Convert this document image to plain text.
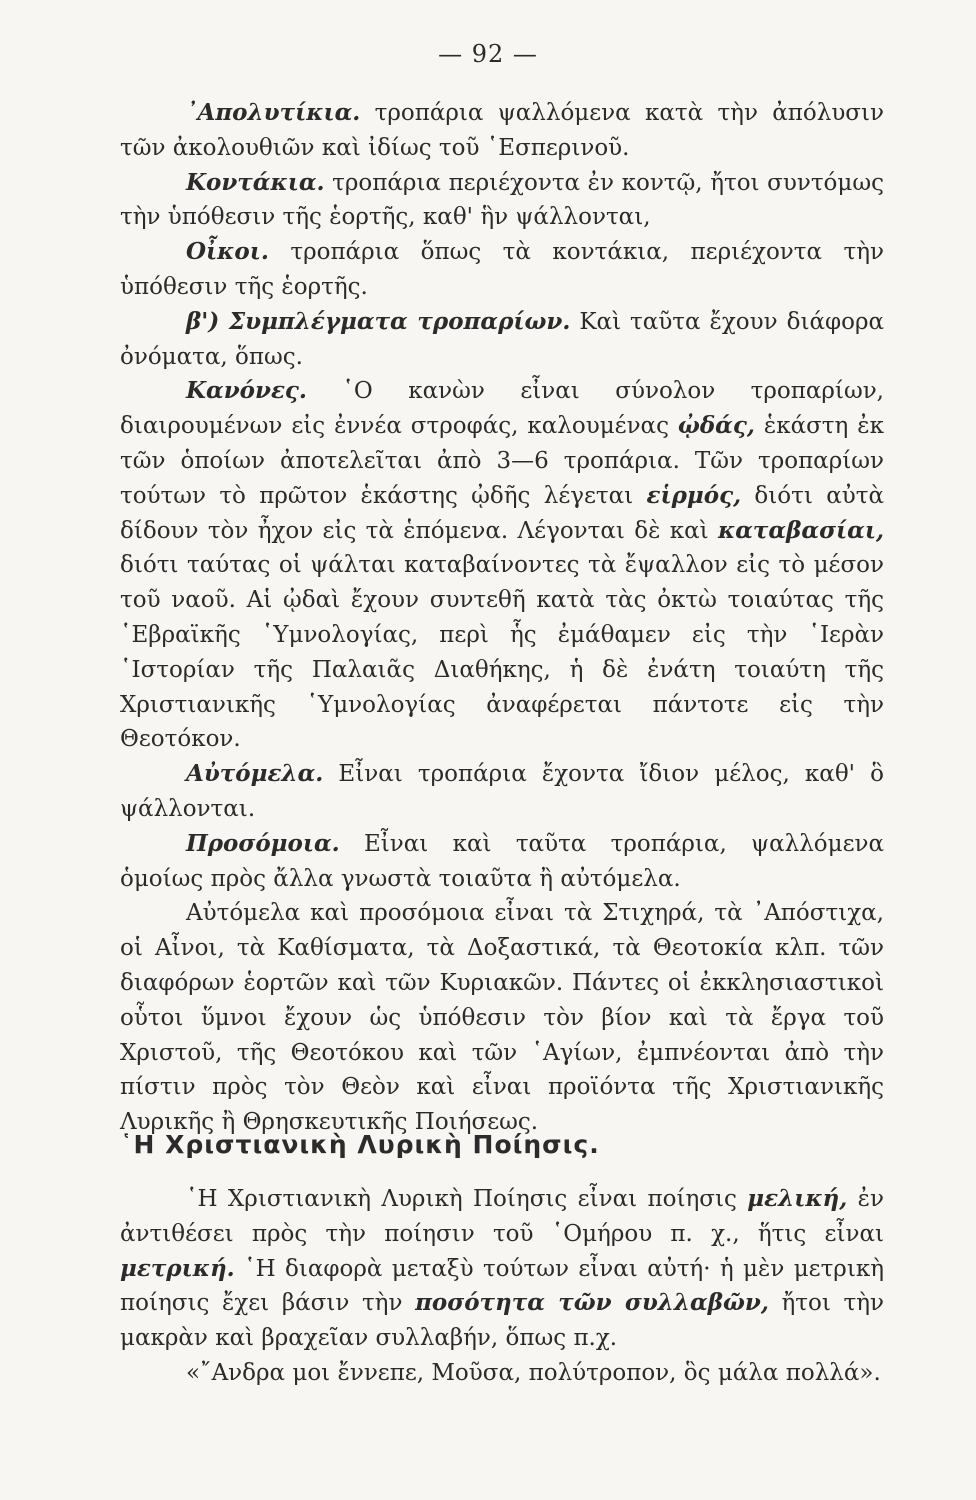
— 92 —

᾿Απολυτίκια. τροπάρια ψαλλόμενα κατὰ τὴν ἀπόλυσιν τῶν ἀκολουθιῶν καὶ ἰδίως τοῦ ῾Εσπερινοῦ.

Κοντάκια. τροπάρια περιέχοντα ἐν κοντῷ, ἤτοι συντόμως τὴν ὑπόθεσιν τῆς ἑορτῆς, καθ' ἣν ψάλλονται,

Οἶκοι. τροπάρια ὅπως τὰ κοντάκια, περιέχοντα τὴν ὑπόθεσιν τῆς ἑορτῆς.

β') Συμπλέγματα τροπαρίων. Καὶ ταῦτα ἔχουν διάφορα ὀνόματα, ὅπως.

Κανόνες. ῾Ο κανὼν εἶναι σύνολον τροπαρίων, διαιρουμένων εἰς ἐννέα στροφάς, καλουμένας ᾠδάς, ἑκάστη ἐκ τῶν ὁποίων ἀποτελεῖται ἀπὸ 3—6 τροπάρια. Τῶν τροπαρίων τούτων τὸ πρῶτον ἑκάστης ᾠδῆς λέγεται εἱρμός, διότι αὐτὰ δίδουν τὸν ἦχον εἰς τὰ ἑπόμενα. Λέγονται δὲ καὶ καταβασίαι, διότι ταύτας οἱ ψάλται καταβαίνοντες τὰ ἔψαλλον εἰς τὸ μέσον τοῦ ναοῦ. Αἱ ᾠδαὶ ἔχουν συντεθῆ κατὰ τὰς ὀκτὼ τοιαύτας τῆς ῾Εβραϊκῆς ῾Υμνολογίας, περὶ ἧς ἐμάθαμεν εἰς τὴν ῾Ιερὰν ῾Ιστορίαν τῆς Παλαιᾶς Διαθήκης, ἡ δὲ ἐνάτη τοιαύτη τῆς Χριστιανικῆς ῾Υμνολογίας ἀναφέρεται πάντοτε εἰς τὴν Θεοτόκον.

Αὐτόμελα. Εἶναι τροπάρια ἔχοντα ἴδιον μέλος, καθ' ὃ ψάλλονται.

Προσόμοια. Εἶναι καὶ ταῦτα τροπάρια, ψαλλόμενα ὁμοίως πρὸς ἄλλα γνωστὰ τοιαῦτα ἢ αὐτόμελα.

Αὐτόμελα καὶ προσόμοια εἶναι τὰ Στιχηρά, τὰ ᾿Απόστιχα, οἱ Αἶνοι, τὰ Καθίσματα, τὰ Δοξαστικά, τὰ Θεοτοκία κλπ. τῶν διαφόρων ἑορτῶν καὶ τῶν Κυριακῶν. Πάντες οἱ ἐκκλησιαστικοὶ οὗτοι ὕμνοι ἔχουν ὡς ὑπόθεσιν τὸν βίον καὶ τὰ ἔργα τοῦ Χριστοῦ, τῆς Θεοτόκου καὶ τῶν ῾Αγίων, ἐμπνέονται ἀπὸ τὴν πίστιν πρὸς τὸν Θεὸν καὶ εἶναι προϊόντα τῆς Χριστιανικῆς Λυρικῆς ἢ Θρησκευτικῆς Ποιήσεως.

῾Η Χριστιανικὴ Λυρικὴ Ποίησις.

῾Η Χριστιανικὴ Λυρικὴ Ποίησις εἶναι ποίησις μελική, ἐν ἀντιθέσει πρὸς τὴν ποίησιν τοῦ ῾Ομήρου π. χ., ἥτις εἶναι μετρική. ῾Η διαφορὰ μεταξὺ τούτων εἶναι αὐτή· ἡ μὲν μετρικὴ ποίησις ἔχει βάσιν τὴν ποσότητα τῶν συλλαβῶν, ἤτοι τὴν μακρὰν καὶ βραχεῖαν συλλαβήν, ὅπως π.χ.

«῎Ανδρα μοι ἔννεπε, Μοῦσα, πολύτροπον, ὃς μάλα πολλά».
